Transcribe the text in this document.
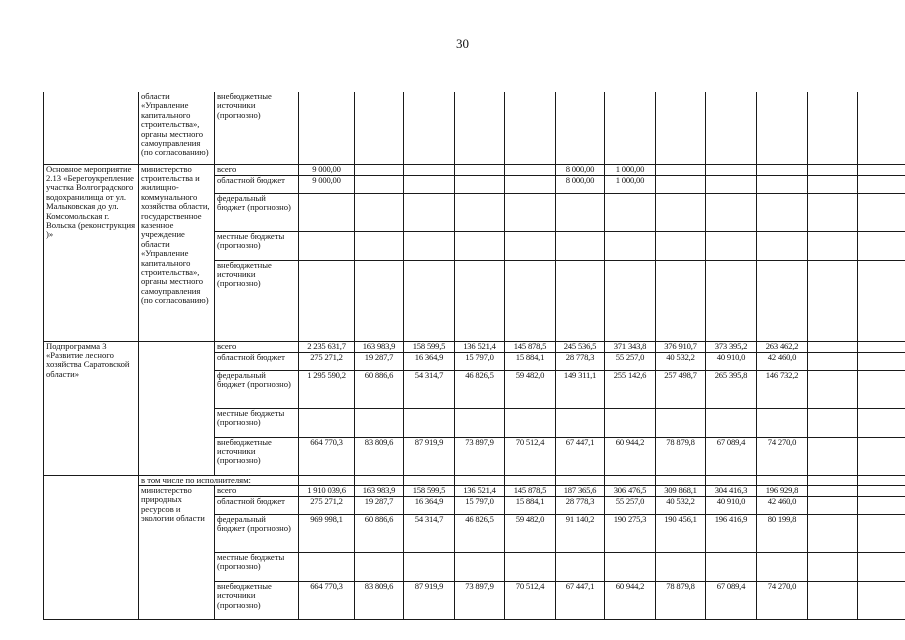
30
	области «Управление капитального строительства», органы местного самоуправления (по согласованию)	внебюджетные источники (прогнозно)												
Основное мероприятие 2.13 «Берегоукрепление участка Волгоградского водохранилища от ул. Малыковская до ул. Комсомольская г. Вольска (реконструкция )»	министерство строительства и жилищно-коммунального хозяйства области, государственное казенное учреждение области «Управление капитального строительства», органы местного самоуправления (по согласованию)	всего	9 000,00					8 000,00	1 000,00					
		областной бюджет	9 000,00					8 000,00	1 000,00					
		федеральный бюджет (прогнозно)												
		местные бюджеты (прогнозно)												
		внебюджетные источники (прогнозно)												
Подпрограмма 3 «Развитие лесного хозяйства Саратовской области»		всего	2 235 631,7	163 983,9	158 599,5	136 521,4	145 878,5	245 536,5	371 343,8	376 910,7	373 395,2	263 462,2		
		областной бюджет	275 271,2	19 287,7	16 364,9	15 797,0	15 884,1	28 778,3	55 257,0	40 532,2	40 910,0	42 460,0		
		федеральный бюджет (прогнозно)	1 295 590,2	60 886,6	54 314,7	46 826,5	59 482,0	149 311,1	255 142,6	257 498,7	265 395,8	146 732,2		
		местные бюджеты (прогнозно)												
		внебюджетные источники (прогнозно)	664 770,3	83 809,6	87 919,9	73 897,9	70 512,4	67 447,1	60 944,2	78 879,8	67 089,4	74 270,0		
	в том числе по исполнителям:													
	министерство природных ресурсов и экологии области	всего	1 910 039,6	163 983,9	158 599,5	136 521,4	145 878,5	187 365,6	306 476,5	309 868,1	304 416,3	196 929,8		
		областной бюджет	275 271,2	19 287,7	16 364,9	15 797,0	15 884,1	28 778,3	55 257,0	40 532,2	40 910,0	42 460,0		
		федеральный бюджет (прогнозно)	969 998,1	60 886,6	54 314,7	46 826,5	59 482,0	91 140,2	190 275,3	190 456,1	196 416,9	80 199,8		
		местные бюджеты (прогнозно)												
		внебюджетные источники (прогнозно)	664 770,3	83 809,6	87 919,9	73 897,9	70 512,4	67 447,1	60 944,2	78 879,8	67 089,4	74 270,0		
